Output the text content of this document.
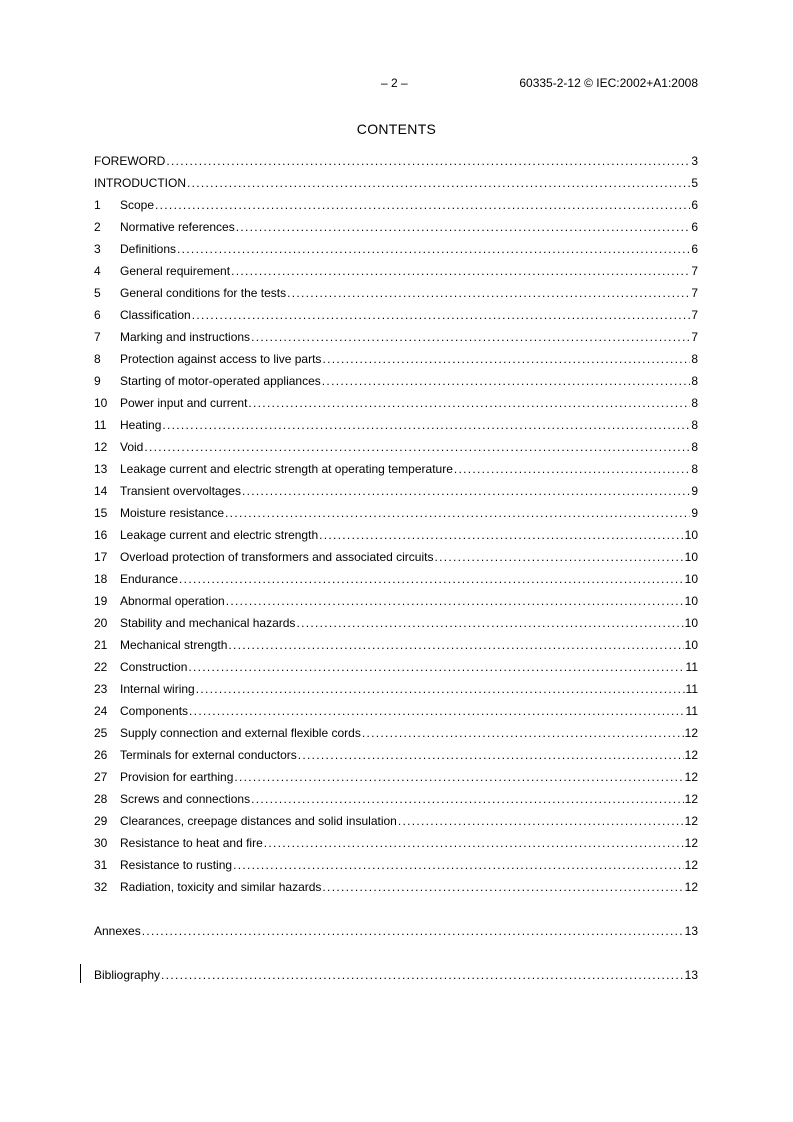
– 2 –	60335-2-12 © IEC:2002+A1:2008
CONTENTS
FOREWORD .....	3
INTRODUCTION .....	5
1	Scope .....	6
2	Normative references .....	6
3	Definitions .....	6
4	General requirement .....	7
5	General conditions for the tests .....	7
6	Classification .....	7
7	Marking and instructions .....	7
8	Protection against access to live parts .....	8
9	Starting of motor-operated appliances .....	8
10	Power input and current .....	8
11	Heating .....	8
12	Void .....	8
13	Leakage current and electric strength at operating temperature .....	8
14	Transient overvoltages .....	9
15	Moisture resistance .....	9
16	Leakage current and electric strength .....	10
17	Overload protection of transformers and associated circuits .....	10
18	Endurance .....	10
19	Abnormal operation .....	10
20	Stability and mechanical hazards .....	10
21	Mechanical strength .....	10
22	Construction .....	11
23	Internal wiring .....	11
24	Components .....	11
25	Supply connection and external flexible cords .....	12
26	Terminals for external conductors .....	12
27	Provision for earthing .....	12
28	Screws and connections .....	12
29	Clearances, creepage distances and solid insulation .....	12
30	Resistance to heat and fire .....	12
31	Resistance to rusting .....	12
32	Radiation, toxicity and similar hazards .....	12
Annexes .....	13
Bibliography .....	13
